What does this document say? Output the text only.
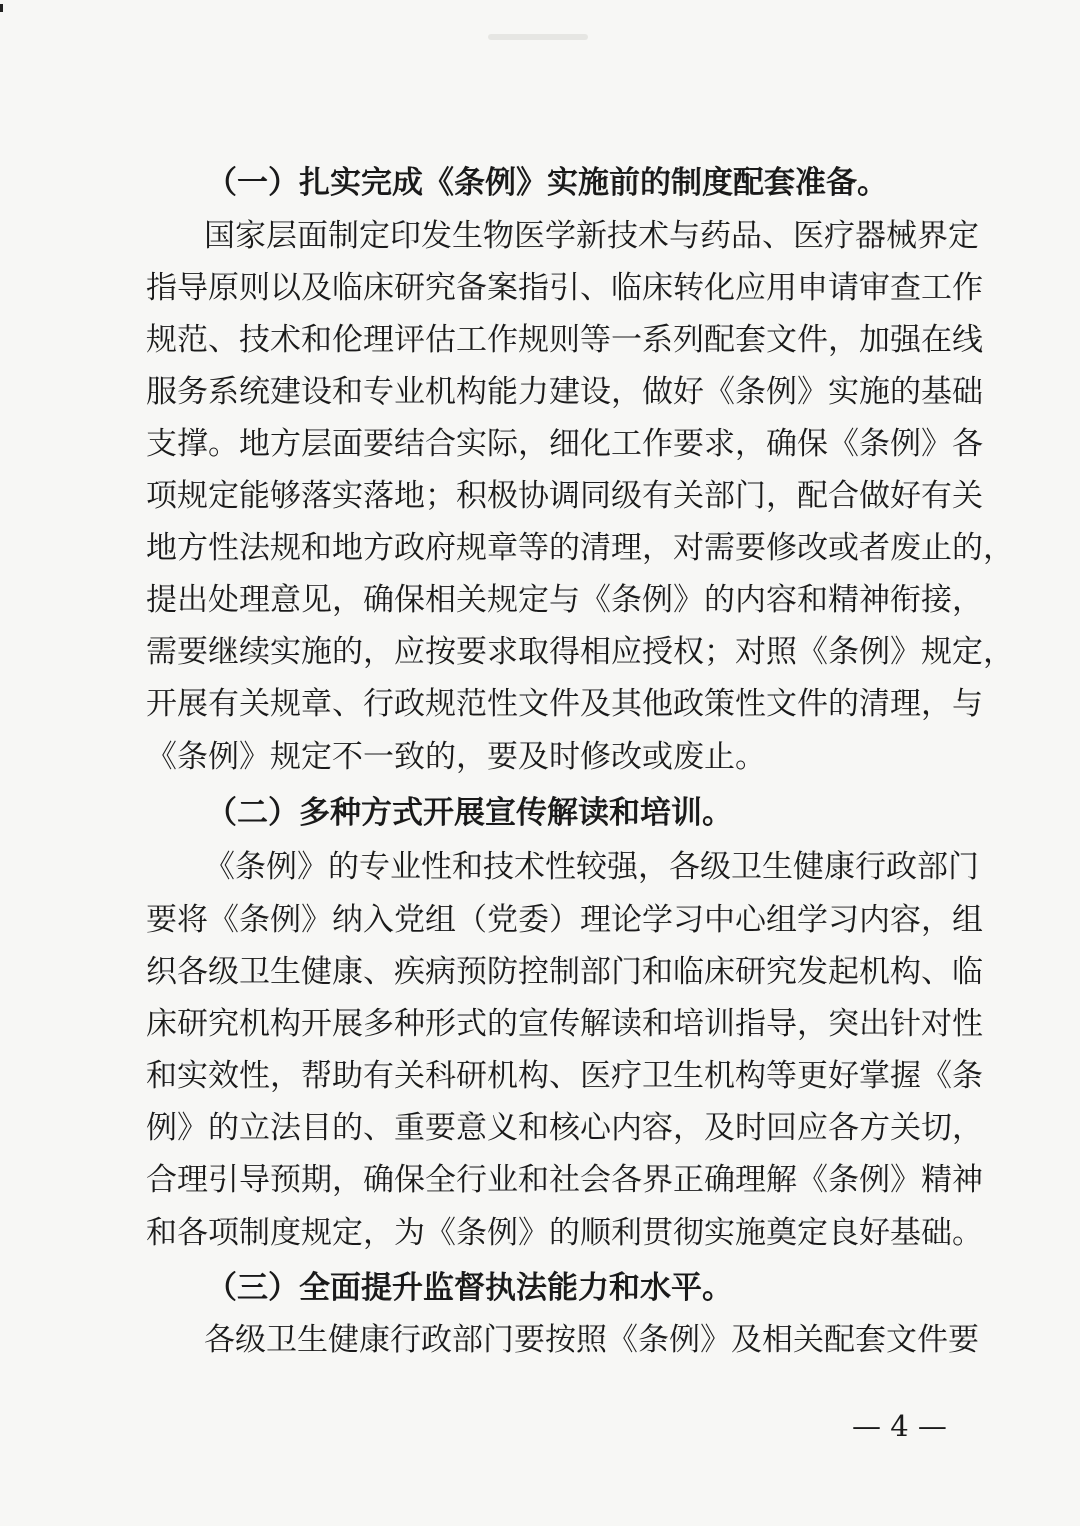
（一）扎实完成《条例》实施前的制度配套准备。
国家层面制定印发生物医学新技术与药品、医疗器械界定
指导原则以及临床研究备案指引、临床转化应用申请审查工作
规范、技术和伦理评估工作规则等一系列配套文件，加强在线
服务系统建设和专业机构能力建设，做好《条例》实施的基础
支撑。地方层面要结合实际，细化工作要求，确保《条例》各
项规定能够落实落地；积极协调同级有关部门，配合做好有关
地方性法规和地方政府规章等的清理，对需要修改或者废止的，
提出处理意见，确保相关规定与《条例》的内容和精神衔接，
需要继续实施的，应按要求取得相应授权；对照《条例》规定，
开展有关规章、行政规范性文件及其他政策性文件的清理，与
《条例》规定不一致的，要及时修改或废止。
（二）多种方式开展宣传解读和培训。
《条例》的专业性和技术性较强，各级卫生健康行政部门
要将《条例》纳入党组（党委）理论学习中心组学习内容，组
织各级卫生健康、疾病预防控制部门和临床研究发起机构、临
床研究机构开展多种形式的宣传解读和培训指导，突出针对性
和实效性，帮助有关科研机构、医疗卫生机构等更好掌握《条
例》的立法目的、重要意义和核心内容，及时回应各方关切，
合理引导预期，确保全行业和社会各界正确理解《条例》精神
和各项制度规定，为《条例》的顺利贯彻实施奠定良好基础。
（三）全面提升监督执法能力和水平。
各级卫生健康行政部门要按照《条例》及相关配套文件要
— 4 —
